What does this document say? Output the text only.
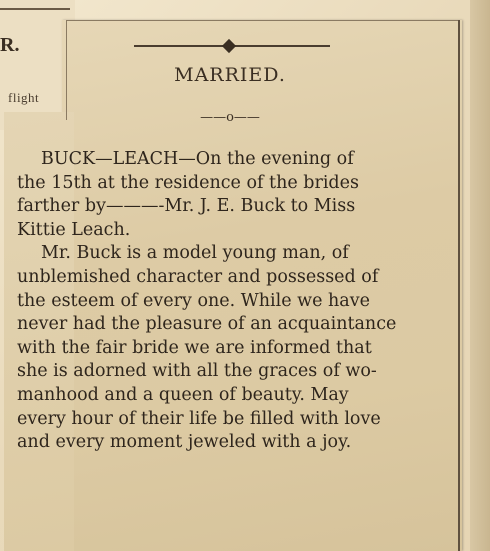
R.
flight
MARRIED.
——o——
BUCK—LEACH—On the evening of
the 15th at the residence of the brides
farther by———-Mr. J. E. Buck to Miss
Kittie Leach.
Mr. Buck is a model young man, of
unblemished character and possessed of
the esteem of every one. While we have
never had the pleasure of an acquaintance
with the fair bride we are informed that
she is adorned with all the graces of wo-
manhood and a queen of beauty. May
every hour of their life be filled with love
and every moment jeweled with a joy.
